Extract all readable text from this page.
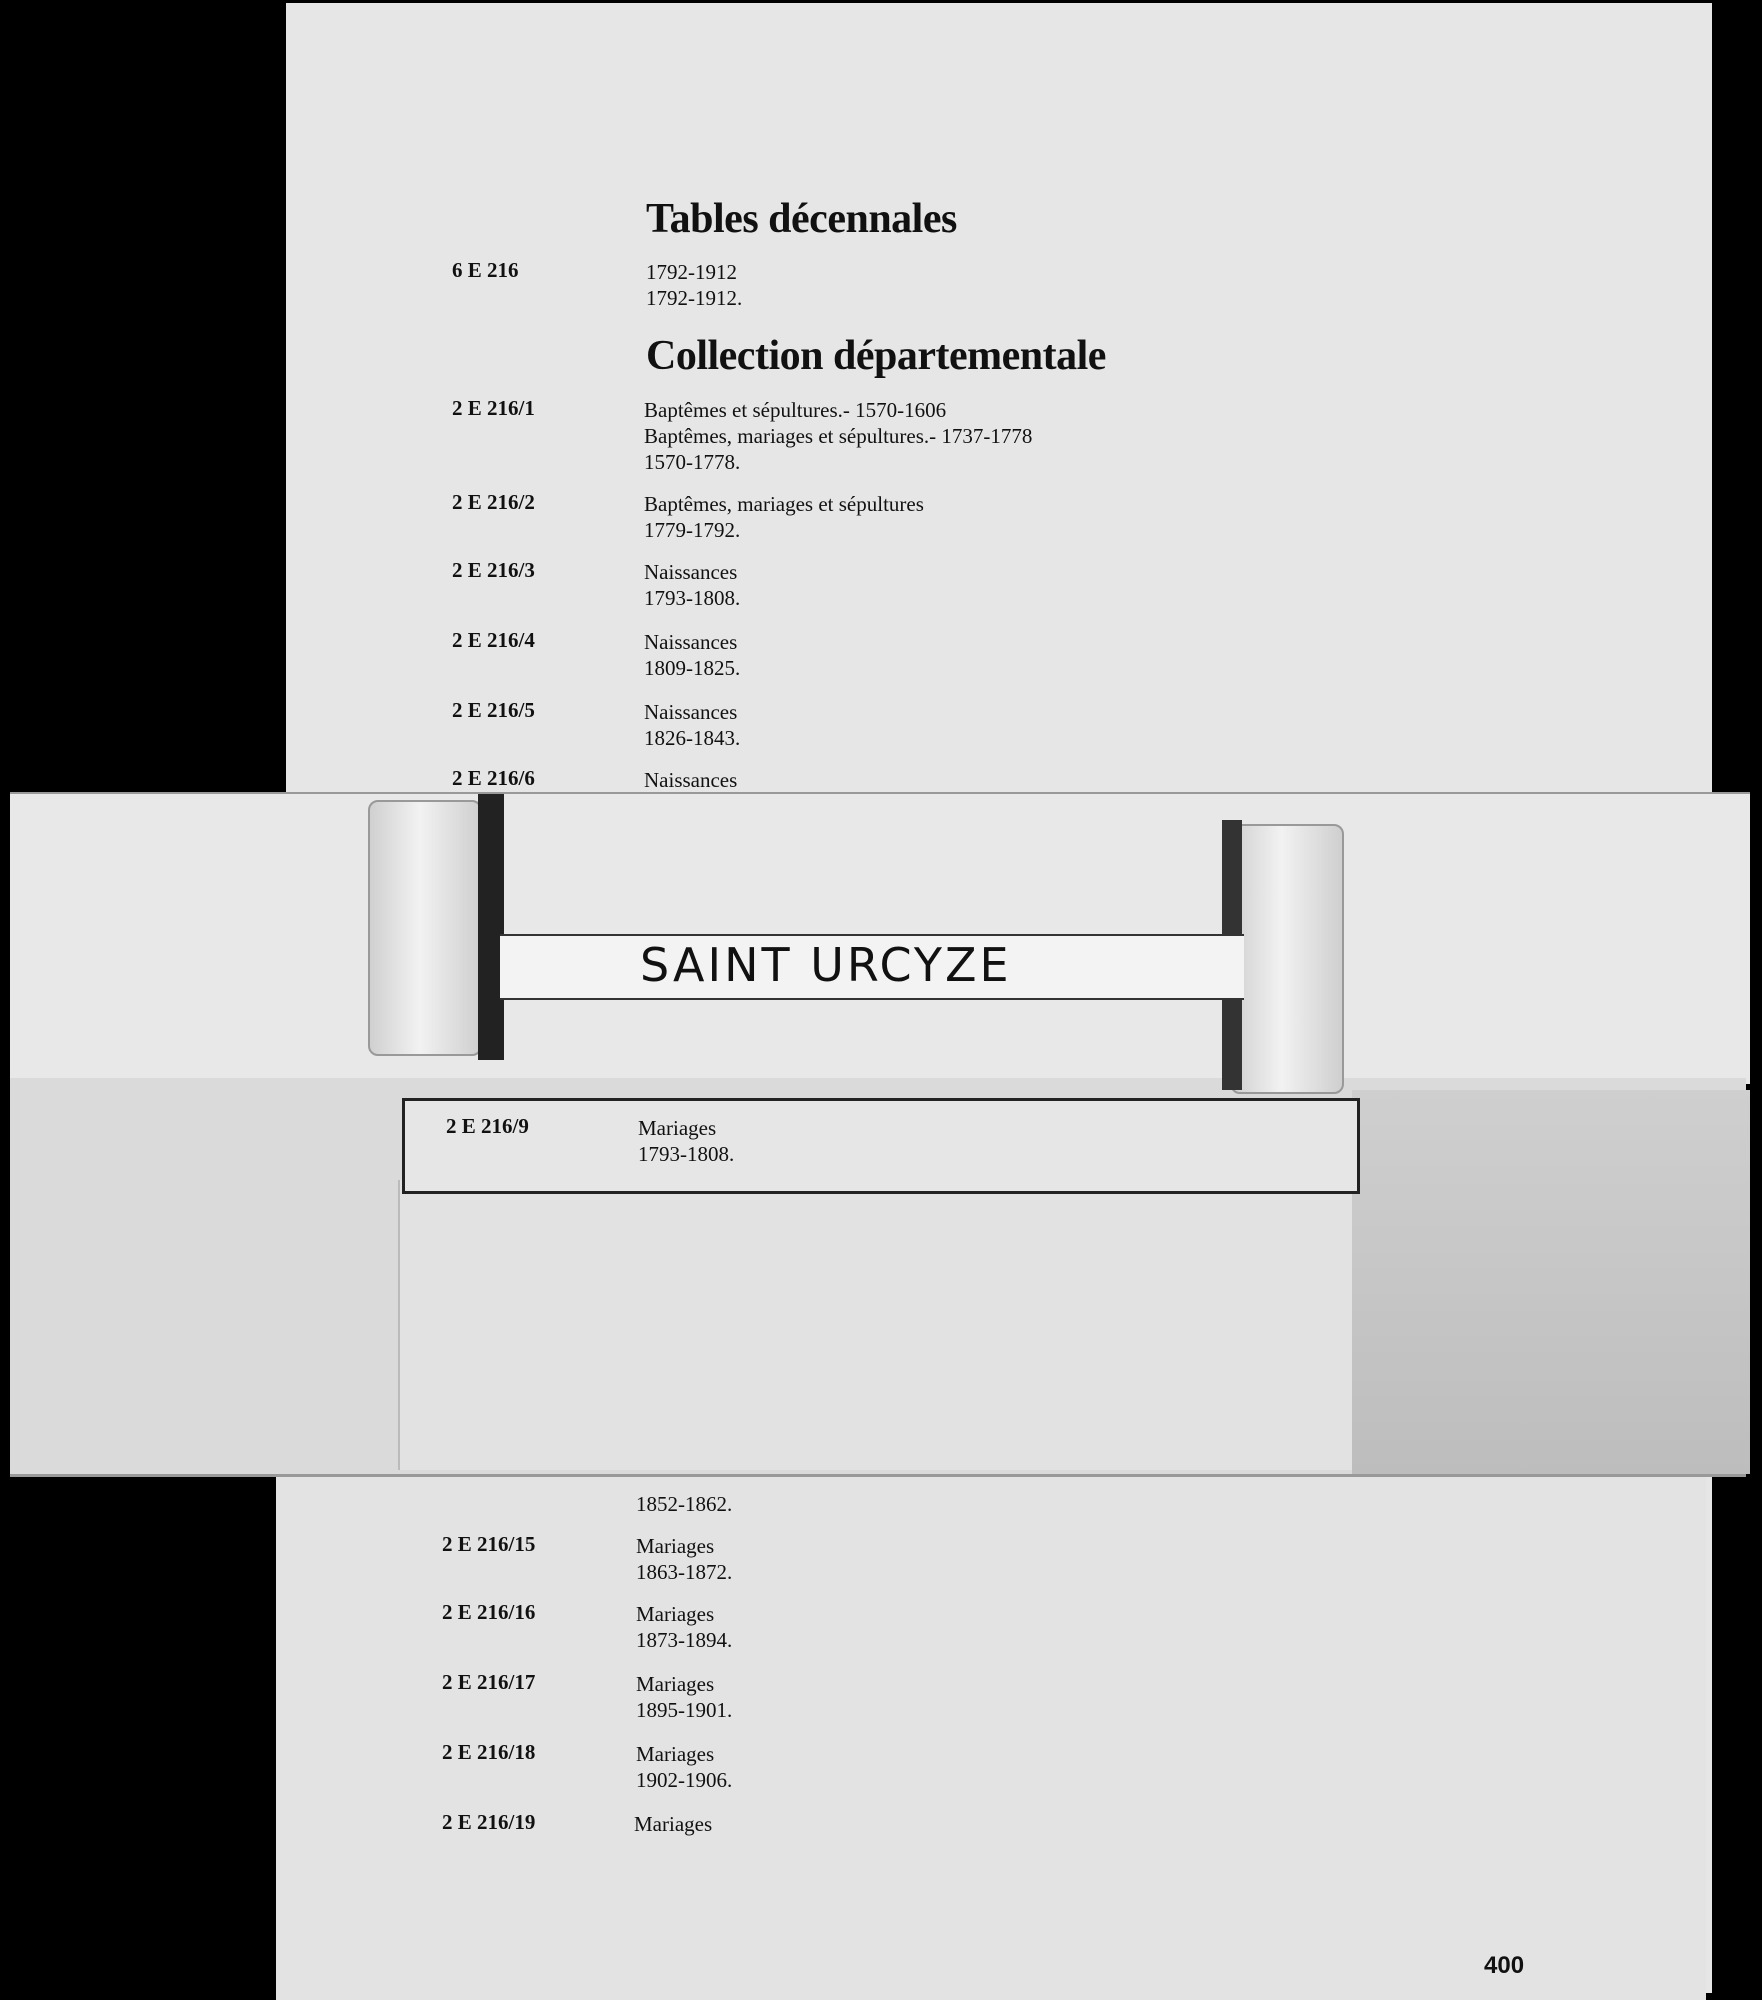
Tables décennales
6 E 216	1792-1912
1792-1912.
Collection départementale
2 E 216/1	Baptêmes et sépultures.- 1570-1606
Baptêmes, mariages et sépultures.- 1737-1778
1570-1778.
2 E 216/2	Baptêmes, mariages et sépultures
1779-1792.
2 E 216/3	Naissances
1793-1808.
2 E 216/4	Naissances
1809-1825.
2 E 216/5	Naissances
1826-1843.
2 E 216/6	Naissances
SAINT URCYZE
2 E 216/9	Mariages
1793-1808.
1852-1862.
2 E 216/15	Mariages
1863-1872.
2 E 216/16	Mariages
1873-1894.
2 E 216/17	Mariages
1895-1901.
2 E 216/18	Mariages
1902-1906.
2 E 216/19	Mariages
400
